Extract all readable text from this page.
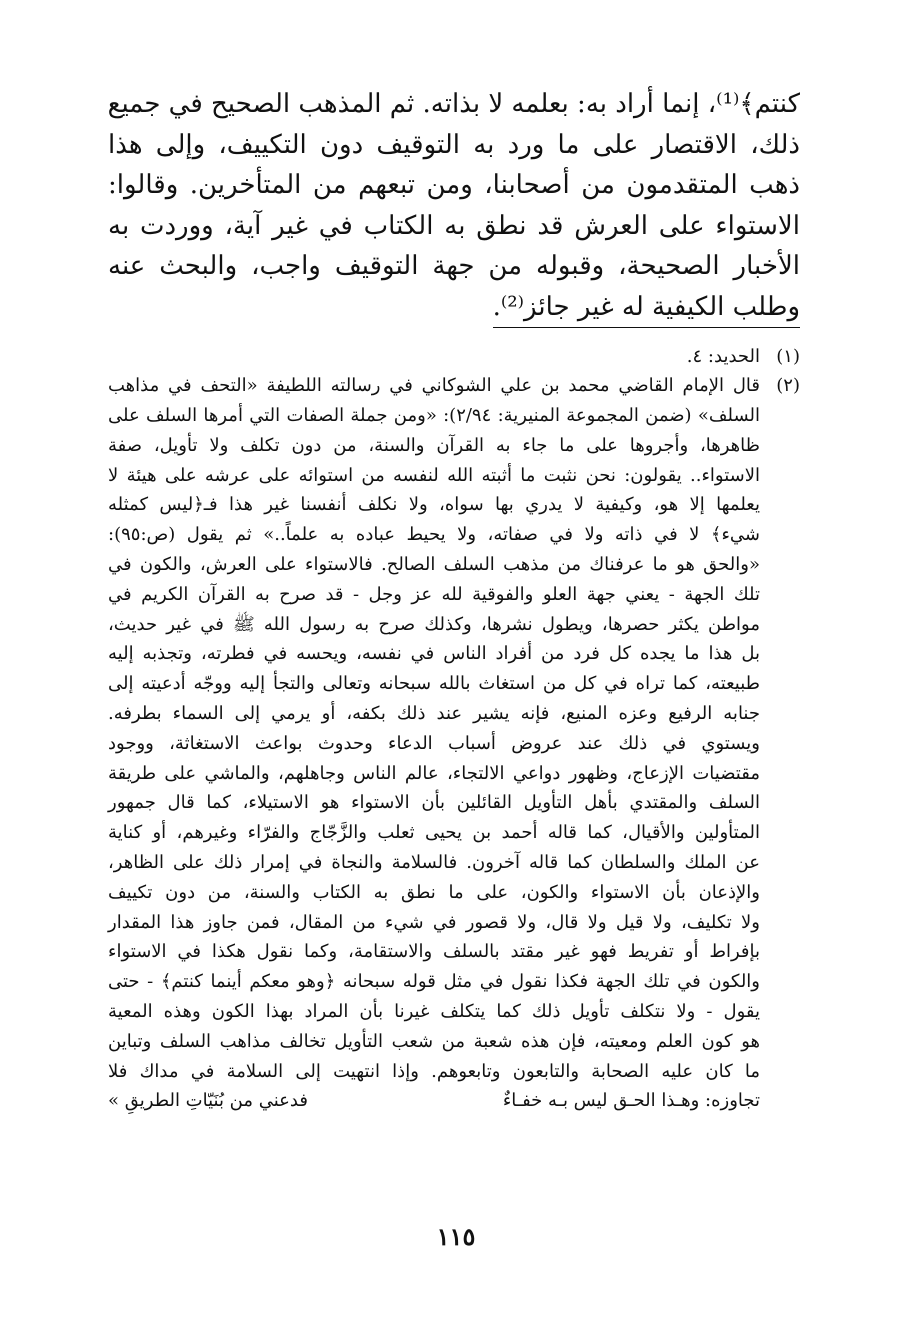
كنتم﴾⁽¹⁾، إنما أراد به: بعلمه لا بذاته. ثم المذهب الصحيح في جميع
ذلك، الاقتصار على ما ورد به التوقيف دون التكييف، وإلى هذا
ذهب المتقدمون من أصحابنا، ومن تبعهم من المتأخرين. وقالوا:
الاستواء على العرش قد نطق به الكتاب في غير آية، ووردت به
الأخبار الصحيحة، وقبوله من جهة التوقيف واجب، والبحث عنه
وطلب الكيفية له غير جائز⁽²⁾.
(١)
الحديد: ٤.
(٢)
قال الإمام القاضي محمد بن علي الشوكاني في رسالته اللطيفة «التحف في مذاهب
السلف» (ضمن المجموعة المنيرية: ٢/٩٤): «ومن جملة الصفات التي أمرها السلف على
ظاهرها، وأجروها على ما جاء به القرآن والسنة، من دون تكلف ولا تأويل، صفة
الاستواء.. يقولون: نحن نثبت ما أثبته الله لنفسه من استوائه على عرشه على هيئة لا
يعلمها إلا هو، وكيفية لا يدري بها سواه، ولا نكلف أنفسنا غير هذا فـ﴿ليس كمثله
شيء﴾ لا في ذاته ولا في صفاته، ولا يحيط عباده به علماً..» ثم يقول (ص:٩٥):
«والحق هو ما عرفناك من مذهب السلف الصالح. فالاستواء على العرش، والكون في
تلك الجهة - يعني جهة العلو والفوقية لله عز وجل - قد صرح به القرآن الكريم في
مواطن يكثر حصرها، ويطول نشرها، وكذلك صرح به رسول الله ﷺ في غير حديث،
بل هذا ما يجده كل فرد من أفراد الناس في نفسه، ويحسه في فطرته، وتجذبه إليه
طبيعته، كما تراه في كل من استغاث بالله سبحانه وتعالى والتجأ إليه ووجّه أدعيته إلى
جنابه الرفيع وعزه المنيع، فإنه يشير عند ذلك بكفه، أو يرمي إلى السماء بطرفه.
ويستوي في ذلك عند عروض أسباب الدعاء وحدوث بواعث الاستغاثة، ووجود
مقتضيات الإزعاج، وظهور دواعي الالتجاء، عالم الناس وجاهلهم، والماشي على طريقة
السلف والمقتدي بأهل التأويل القائلين بأن الاستواء هو الاستيلاء، كما قال جمهور
المتأولين والأقيال، كما قاله أحمد بن يحيى ثعلب والزَّجّاج والفرّاء وغيرهم، أو كناية
عن الملك والسلطان كما قاله آخرون. فالسلامة والنجاة في إمرار ذلك على الظاهر،
والإذعان بأن الاستواء والكون، على ما نطق به الكتاب والسنة، من دون تكييف
ولا تكليف، ولا قيل ولا قال، ولا قصور في شيء من المقال، فمن جاوز هذا المقدار
بإفراط أو تفريط فهو غير مقتد بالسلف والاستقامة، وكما نقول هكذا في الاستواء
والكون في تلك الجهة فكذا نقول في مثل قوله سبحانه ﴿وهو معكم أينما كنتم﴾ - حتى
يقول - ولا نتكلف تأويل ذلك كما يتكلف غيرنا بأن المراد بهذا الكون وهذه المعية
هو كون العلم ومعيته، فإن هذه شعبة من شعب التأويل تخالف مذاهب السلف وتباين
ما كان عليه الصحابة والتابعون وتابعوهم. وإذا انتهيت إلى السلامة في مداك فلا
تجاوزه: وهـذا الحـق ليس بـه خفـاءٌ
فدعني من بُنَيّاتِ الطريقِ »
١١٥
